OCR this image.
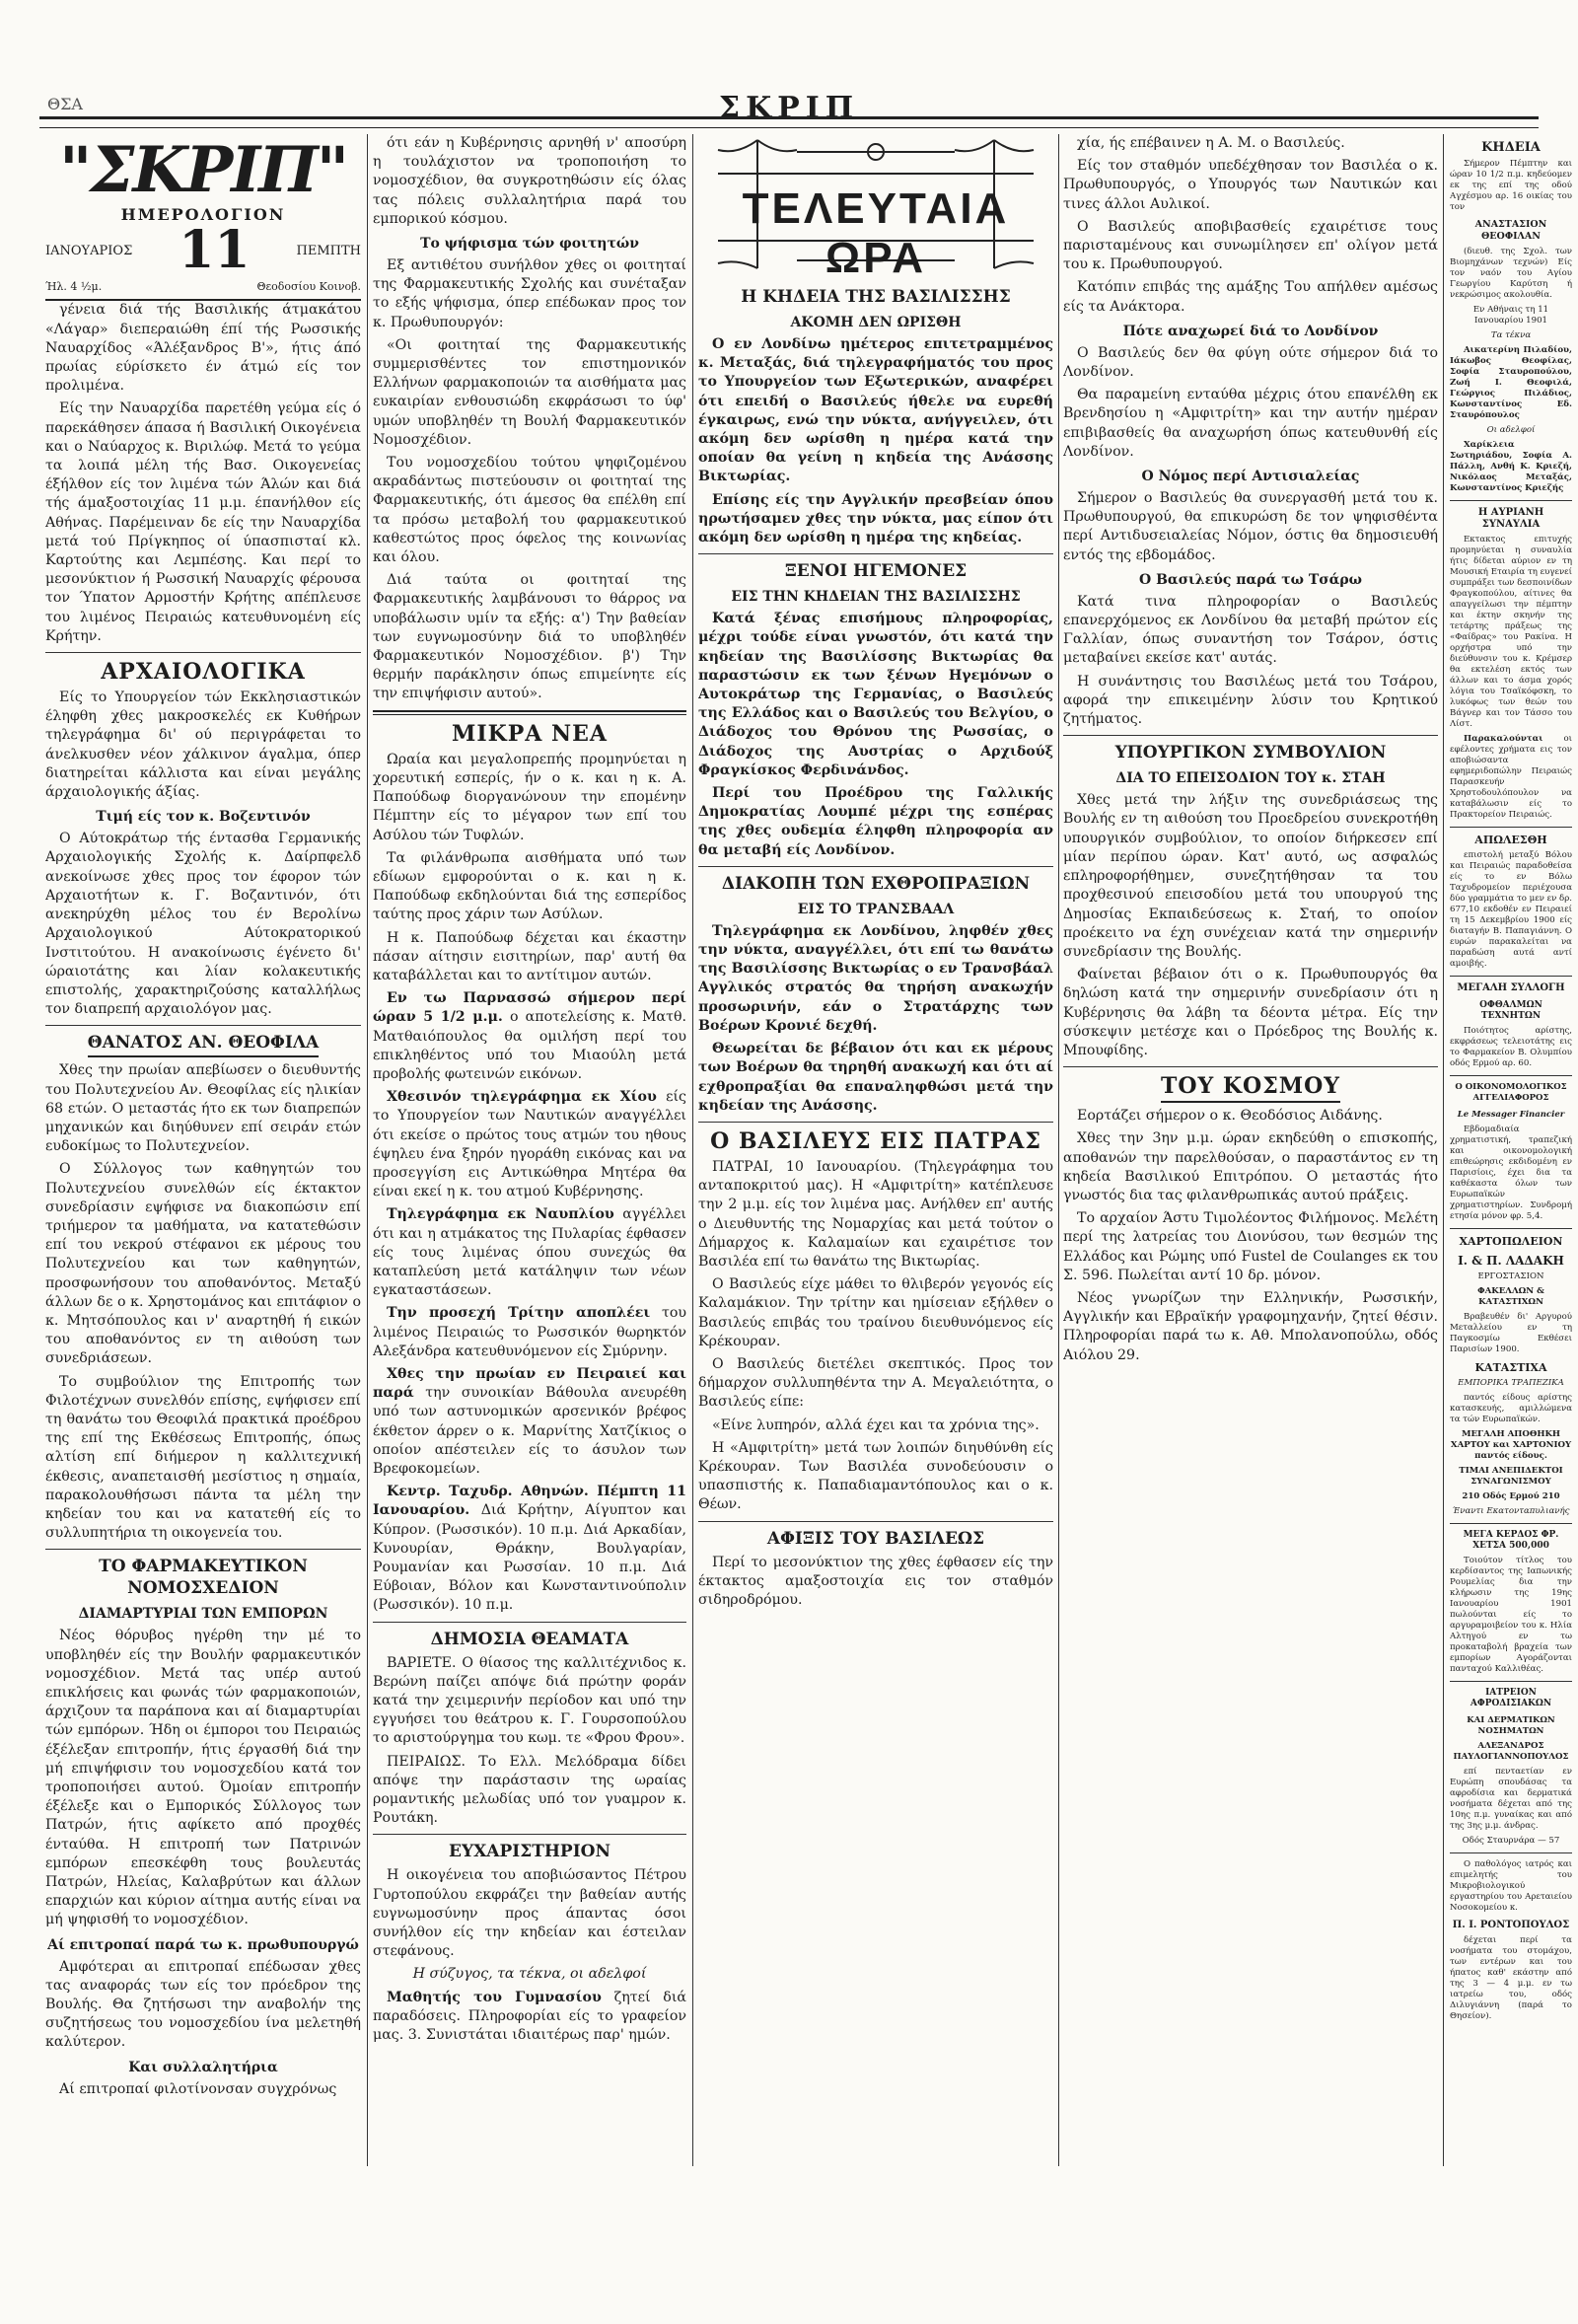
ΘΣΑ	ΣΚΡΙΠ
"ΣΚΡΙΠ"
ΗΜΕΡΟΛΟΓΙΟΝ
ΙΑΝΟΥΑΡΙΟΣ 11	ΠΕΜΠΤΗ
Ήλ. 4 ½μ.	Θεοδοσίου Κοινοβ.

γένεια διά τής Βασιλικής άτμακάτου «Λάγαρ» διεπεραιώθη έπί τής Ρωσσικής Ναυαρχίδος «Άλέξανδρος Β'», ήτις άπό πρωίας εύρίσκετο έν άτμώ είς τον προλιμένα.

Είς την Ναυαρχίδα παρετέθη γεύμα είς ό παρεκάθησεν άπασα ή Βασιλική Οικογένεια και ο Ναύαρχος κ. Βιριλώφ. Μετά το γεύμα τα λοιπά μέλη τής Βασ. Οικογενείας έξήλθον είς τον λιμένα τών Άλών και διά τής άμαξοστοιχίας 11 μ.μ. έπανήλθον είς Αθήνας. Παρέμειναν δε είς την Ναυαρχίδα μετά τού Πρίγκηπος οί ύπασπισταί κλ. Καρτούτης και Λεμπέσης. Και περί το μεσονύκτιον ή Ρωσσική Ναυαρχίς φέρουσα τον Ύπατον Αρμοστήν Κρήτης απέπλευσε του λιμένος Πειραιώς κατευθυνομένη είς Κρήτην.

ΑΡΧΑΙΟΛΟΓΙΚΑ

Είς το Υπουργείον τών Εκκλησιαστικών έληφθη χθες μακροσκελές εκ Κυθήρων τηλεγράφημα δι' ού περιγράφεται το άνελκυσθεν νέον χάλκινον άγαλμα, όπερ διατηρείται κάλλιστα και είναι μεγάλης άρχαιολογικής άξίας.

Τιμή είς τον κ. Βοζεντινόν

Ο Αύτοκράτωρ τής έντασθα Γερμανικής Αρχαιολογικής Σχολής κ. Δαίρπφελδ ανεκοίνωσε χθες προς τον έφορον τών Αρχαιοτήτων κ. Γ. Βοζαντινόν, ότι ανεκηρύχθη μέλος του έν Βερολίνω Αρχαιολογικού Αύτοκρατορικού Ινστιτούτου. Η ανακοίνωσις έγένετο δι' ώραιοτάτης και λίαν κολακευτικής επιστολής, χαρακτηριζούσης καταλλήλως τον διαπρεπή αρχαιολόγον μας.

ΘΑΝΑΤΟΣ ΑΝ. ΘΕΟΦΙΛΑ

Χθες την πρωίαν απεβίωσεν ο διευθυντής του Πολυτεχνείου Αν. Θεοφίλας είς ηλικίαν 68 ετών. Ο μεταστάς ήτο εκ των διαπρεπών μηχανικών και διηύθυνεν επί σειράν ετών ευδοκίμως το Πολυτεχνείον.

Ο Σύλλογος των καθηγητών του Πολυτεχνείου συνελθών είς έκτακτον συνεδρίασιν εψήφισε να διακοπώσιν επί τριήμερον τα μαθήματα, να κατατεθώσιν επί του νεκρού στέφανοι εκ μέρους του Πολυτεχνείου και των καθηγητών, προσφωνήσουν του αποθανόντος. Μεταξύ άλλων δε ο κ. Χρηστομάνος και επιτάφιον ο κ. Μητσόπουλος και ν' αναρτηθή ή εικών του αποθανόντος εν τη αιθούση των συνεδριάσεων.

Το συμβούλιον της Επιτροπής των Φιλοτέχνων συνελθόν επίσης, εψήφισεν επί τη θανάτω του Θεοφιλά πρακτικά προέδρου της επί της Εκθέσεως Επιτροπής, όπως αλτίση επί διήμερον η καλλιτεχνική έκθεσις, αναπεταισθή μεσίστιος η σημαία, παρακολουθήσωσι πάντα τα μέλη την κηδείαν του και να κατατεθή είς το συλλυπητήρια τη οικογενεία του.

ΤΟ ΦΑΡΜΑΚΕΥΤΙΚΟΝ ΝΟΜΟΣΧΕΔΙΟΝ
ΔΙΑΜΑΡΤΥΡΙΑΙ ΤΩΝ ΕΜΠΟΡΩΝ

Νέος θόρυβος ηγέρθη την μέ το υποβληθέν είς την Βουλήν φαρμακευτικόν νομοσχέδιον. Μετά τας υπέρ αυτού επικλήσεις και φωνάς τών φαρμακοποιών, άρχιζουν τα παράπονα και αί διαμαρτυρίαι τών εμπόρων. Ήδη οι έμποροι του Πειραιώς έξέλεξαν επιτροπήν, ήτις έργασθή διά την μή επιψήφισιν του νομοσχεδίου κατά τον τροποποιήσει αυτού. Όμοίαν επιτροπήν έξέλεξε και ο Εμπορικός Σύλλογος των Πατρών, ήτις αφίκετο από προχθές ένταύθα. Η επιτροπή των Πατρινών εμπόρων επεσκέφθη τους βουλευτάς Πατρών, Ηλείας, Καλαβρύτων και άλλων επαρχιών και κύριον αίτημα αυτής είναι να μή ψηφισθή το νομοσχέδιον.

Αί επιτροπαί παρά τω κ. πρωθυπουργώ

Αμφότεραι αι επιτροπαί επέδωσαν χθες τας αναφοράς των είς τον πρόεδρον της Βουλής. Θα ζητήσωσι την αναβολήν της συζητήσεως του νομοσχεδίου ίνα μελετηθή καλύτερον.

Και συλλαλητήρια

Αί επιτροπαί φιλοτίνονσαν συγχρόνως

ότι εάν η Κυβέρνησις αρνηθή ν' αποσύρη η τουλάχιστον να τροποποιήση το νομοσχέδιον, θα συγκροτηθώσιν είς όλας τας πόλεις συλλαλητήρια παρά του εμπορικού κόσμου.

Το ψήφισμα τών φοιτητών

Εξ αντιθέτου συνήλθον χθες οι φοιτηταί της Φαρμακευτικής Σχολής και συνέταξαν το εξής ψήφισμα, όπερ επέδωκαν προς τον κ. Πρωθυπουργόν:

«Οι φοιτηταί της Φαρμακευτικής συμμερισθέντες τον επιστημονικόν Ελλήνων φαρμακοποιών τα αισθήματα μας ευκαιρίαν ενθουσιώδη εκφράσωσι το ύφ' υμών υποβληθέν τη Βουλή Φαρμακευτικόν Νομοσχέδιον.

Του νομοσχεδίου τούτου ψηφιζομένου ακραδάντως πιστεύουσιν οι φοιτηταί της Φαρμακευτικής, ότι άμεσος θα επέλθη επί τα πρόσω μεταβολή του φαρμακευτικού καθεστώτος προς όφελος της κοινωνίας και όλου.

Διά ταύτα οι φοιτηταί της Φαρμακευτικής λαμβάνουσι το θάρρος να υποβάλωσιν υμίν τα εξής: α') Την βαθείαν των ευγνωμοσύνην διά το υποβληθέν Φαρμακευτικόν Νομοσχέδιον. β') Την θερμήν παράκλησιν όπως επιμείνητε είς την επιψήφισιν αυτού».

ΜΙΚΡΑ ΝΕΑ

Ωραία και μεγαλοπρεπής προμηνύεται η χορευτική εσπερίς, ήν ο κ. και η κ. Α. Παπούδωφ διοργανώνουν την επομένην Πέμπτην είς το μέγαρον των επί του Ασύλου τών Τυφλών.

Τα φιλάνθρωπα αισθήματα υπό των εδίωων εμφορούνται ο κ. και η κ. Παπούδωφ εκδηλούνται διά της εσπερίδος ταύτης προς χάριν των Ασύλων.

Η κ. Παπούδωφ δέχεται και έκαστην πάσαν αίτησιν εισιτηρίων, παρ' αυτή θα καταβάλλεται και το αντίτιμον αυτών.

Εν τω Παρνασσώ σήμερον περί ώραν 5 1/2 μ.μ. ο αποτελείσης κ. Ματθ. Ματθαιόπουλος θα ομιλήση περί του επικληθέντος υπό του Μιαούλη μετά προβολής φωτεινών εικόνων.

Χθεσινόν τηλεγράφημα εκ Χίου είς το Υπουργείον των Ναυτικών αναγγέλλει ότι εκείσε ο πρώτος τους ατμών του ηθους έψηλευ ένα ξηρόν ηγοράθη εικόνας και να προσεγγίση εις Αντικώθηρα Μητέρα θα είναι εκεί η κ. του ατμού Κυβέρνησης.

Τηλεγράφημα εκ Ναυπλίου αγγέλλει ότι και η ατμάκατος της Πυλαρίας έφθασεν είς τους λιμένας όπου συνεχώς θα καταπλεύση μετά κατάληψιν των νέων εγκαταστάσεων.

Την προσεχή Τρίτην απoπλέει του λιμένος Πειραιώς το Ρωσσικόν θωρηκτόν Αλεξάνδρα κατευθυνόμενον είς Σμύρνην.

Χθες την πρωίαν εν Πειραιεί και παρά την συνοικίαν Βάθουλα ανευρέθη υπό των αστυνομικών αρσενικόν βρέφος έκθετον άρρεν ο κ. Μαρνίτης Χατζίκιος ο οποίον απέστειλεν είς το άσυλον των Βρεφοκομείων.

Κεντρ. Ταχυδρ. Αθηνών. Πέμπτη 11 Ιανουαρίου. Διά Κρήτην, Αίγυπτον και Κύπρον. (Ρωσσικόν). 10 π.μ. Διά Αρκαδίαν, Κυνουρίαν, Θράκην, Βουλγαρίαν, Ρουμανίαν και Ρωσσίαν. 10 π.μ. Διά Εύβοιαν, Βόλον και Κωνσταντινούπολιν (Ρωσσικόν). 10 π.μ.

ΔΗΜΟΣΙΑ ΘΕΑΜΑΤΑ

ΒΑΡΙΕΤΕ. Ο θίασος της καλλιτέχνιδος κ. Βερώνη παίζει απόψε διά πρώτην φοράν κατά την χειμερινήν περίοδον και υπό την εγγυήσει του θεάτρου κ. Γ. Γουρσοπούλου το αριστούργημα του κωμ. τε «Φρου Φρου».

ΠΕΙΡΑΙΩΣ. Το Ελλ. Μελόδραμα δίδει απόψε την παράστασιν της ωραίας ρομαντικής μελωδίας υπό τον γυαμρον κ. Ρουτάκη.

ΕΥΧΑΡΙΣΤΗΡΙΟΝ

Η οικογένεια του αποβιώσαντος Πέτρου Γυρτοπούλου εκφράζει την βαθείαν αυτής ευγνωμοσύνην προς άπαντας όσοι συνήλθον είς την κηδείαν και έστειλαν στεφάνους.

Η σύζυγος, τα τέκνα, οι αδελφοί

Μαθητής του Γυμνασίου ζητεί διά παραδόσεις. Πληροφορίαι είς το γραφείον μας. 3. Συνιστάται ιδιαιτέρως παρ' ημών.

ΤΕΛΕΥΤΑΙΑ ΩΡΑ
Η ΚΗΔΕΙΑ ΤΗΣ ΒΑΣΙΛΙΣΣΗΣ
ΑΚΟΜΗ ΔΕΝ ΩΡΙΣΘΗ

Ο εν Λονδίνω ημέτερος επιτετραμμένος κ. Μεταξάς, διά τηλεγραφήματός του προς το Υπουργείον των Εξωτερικών, αναφέρει ότι επειδή ο Βασιλεύς ήθελε να ευρεθή έγκαιρως, ενώ την νύκτα, ανήγγειλεν, ότι ακόμη δεν ωρίσθη η ημέρα κατά την οποίαν θα γείνη η κηδεία της Ανάσσης Βικτωρίας.

Επίσης είς την Αγγλικήν πρεσβείαν όπου ηρωτήσαμεν χθες την νύκτα, μας είπον ότι ακόμη δεν ωρίσθη η ημέρα της κηδείας.

ΞΕΝΟΙ ΗΓΕΜΟΝΕΣ
ΕΙΣ ΤΗΝ ΚΗΔΕΙΑΝ ΤΗΣ ΒΑΣΙΛΙΣΣΗΣ

Κατά ξένας επισήμους πληροφορίας, μέχρι τούδε είναι γνωστόν, ότι κατά την κηδείαν της Βασιλίσσης Βικτωρίας θα παραστώσιν εκ των ξένων Ηγεμόνων ο Αυτοκράτωρ της Γερμανίας, ο Βασιλεύς της Ελλάδος και ο Βασιλεύς του Βελγίου, ο Διάδοχος του Θρόνου της Ρωσσίας, ο Διάδοχος της Αυστρίας ο Αρχιδούξ Φραγκίσκος Φερδινάνδος.

Περί του Προέδρου της Γαλλικής Δημοκρατίας Λουμπέ μέχρι της εσπέρας της χθες ουδεμία έληφθη πληροφορία αν θα μεταβή είς Λονδίνον.

ΔΙΑΚΟΠΗ ΤΩΝ ΕΧΘΡΟΠΡΑΞΙΩΝ
ΕΙΣ ΤΟ ΤΡΑΝΣΒΑΑΛ

Τηλεγράφημα εκ Λονδίνου, ληφθέν χθες την νύκτα, αναγγέλλει, ότι επί τω θανάτω της Βασιλίσσης Βικτωρίας ο εν Τρανσβάαλ Αγγλικός στρατός θα τηρήση ανακωχήν προσωρινήν, εάν ο Στρατάρχης των Βοέρων Κρονιέ δεχθή.

Θεωρείται δε βέβαιον ότι και εκ μέρους των Βοέρων θα τηρηθή ανακωχή και ότι αί εχθροπραξίαι θα επαναληφθώσι μετά την κηδείαν της Ανάσσης.

Ο ΒΑΣΙΛΕΥΣ ΕΙΣ ΠΑΤΡΑΣ

ΠΑΤΡΑΙ, 10 Ιανουαρίου. (Τηλεγράφημα του ανταποκριτού μας). Η «Αμφιτρίτη» κατέπλευσε την 2 μ.μ. είς τον λιμένα μας. Ανήλθεν επ' αυτής ο Διευθυντής της Νομαρχίας και μετά τούτον ο Δήμαρχος κ. Καλαμαίων και εχαιρέτισε τον Βασιλέα επί τω θανάτω της Βικτωρίας.

Ο Βασιλεύς είχε μάθει το θλιβερόν γεγονός είς Καλαμάκιον. Την τρίτην και ημίσειαν εξήλθεν ο Βασιλεύς επιβάς του τραίνου διευθυνόμενος είς Κρέκουραν.

Ο Βασιλεύς διετέλει σκεπτικός. Προς τον δήμαρχον συλλυπηθέντα την Α. Μεγαλειότητα, ο Βασιλεύς είπε:

«Είνε λυπηρόν, αλλά έχει και τα χρόνια της».

Η «Αμφιτρίτη» μετά των λοιπών διηυθύνθη είς Κρέκουραν. Των Βασιλέα συνοδεύουσιν ο υπασπιστής κ. Παπαδιαμαντόπουλος και ο κ. Θέων.

ΑΦΙΞΙΣ ΤΟΥ ΒΑΣΙΛΕΩΣ

Περί το μεσονύκτιον της χθες έφθασεν είς την έκτακτος αμαξοστοιχία εις τον σταθμόν σιδηροδρόμου.

χία, ής επέβαινεν η Α. Μ. ο Βασιλεύς.

Είς τον σταθμόν υπεδέχθησαν τον Βασιλέα ο κ. Πρωθυπουργός, ο Υπουργός των Ναυτικών και τινες άλλοι Αυλικοί.

Ο Βασιλεύς αποβιβασθείς εχαιρέτισε τους παρισταμένους και συνωμίλησεν επ' ολίγον μετά του κ. Πρωθυπουργού.

Κατόπιν επιβάς της αμάξης Του απήλθεν αμέσως είς τα Ανάκτορα.

Πότε αναχωρεί διά το Λονδίνον

Ο Βασιλεύς δεν θα φύγη ούτε σήμερον διά το Λονδίνον.

Θα παραμείνη ενταύθα μέχρις ότου επανέλθη εκ Βρενδησίου η «Αμφιτρίτη» και την αυτήν ημέραν επιβιβασθείς θα αναχωρήση όπως κατευθυνθή είς Λονδίνον.

Ο Νόμος περί Αντισιαλείας

Σήμερον ο Βασιλεύς θα συνεργασθή μετά του κ. Πρωθυπουργού, θα επικυρώση δε τον ψηφισθέντα περί Αντιδυσειαλείας Νόμον, όστις θα δημοσιευθή εντός της εβδομάδος.

Ο Βασιλεύς παρά τω Τσάρω

Κατά τινα πληροφορίαν ο Βασιλεύς επανερχόμενος εκ Λονδίνου θα μεταβή πρώτον είς Γαλλίαν, όπως συναντήση τον Τσάρον, όστις μεταβαίνει εκείσε κατ' αυτάς.

Η συνάντησις του Βασιλέως μετά του Τσάρου, αφορά την επικειμένην λύσιν του Κρητικού ζητήματος.

ΥΠΟΥΡΓΙΚΟΝ ΣΥΜΒΟΥΛΙΟΝ
ΔΙΑ ΤΟ ΕΠΕΙΣΟΔΙΟΝ ΤΟΥ κ. ΣΤΑΗ

Χθες μετά την λήξιν της συνεδριάσεως της Βουλής εν τη αιθούση του Προεδρείου συνεκροτήθη υπουργικόν συμβούλιον, το οποίον διήρκεσεν επί μίαν περίπου ώραν. Κατ' αυτό, ως ασφαλώς επληροφορήθημεν, συνεζητήθησαν τα του προχθεσινού επεισοδίου μετά του υπουργού της Δημοσίας Εκπαιδεύσεως κ. Σταή, το οποίον προέκειτο να έχη συνέχειαν κατά την σημερινήν συνεδρίασιν της Βουλής.

Φαίνεται βέβαιον ότι ο κ. Πρωθυπουργός θα δηλώση κατά την σημερινήν συνεδρίασιν ότι η Κυβέρνησις θα λάβη τα δέοντα μέτρα. Είς την σύσκεψιν μετέσχε και ο Πρόεδρος της Βουλής κ. Μπουφίδης.

ΤΟΥ ΚΟΣΜΟΥ

Εορτάζει σήμερον ο κ. Θεοδόσιος Αιδάνης.

Χθες την 3ην μ.μ. ώραν εκηδεύθη ο επισκοπής, αποθανών την παρελθούσαν, ο παραστάντος εν τη κηδεία Βασιλικού Επιτρόπου. Ο μεταστάς ήτο γνωστός δια τας φιλανθρωπικάς αυτού πράξεις.

Το αρχαίον Άστυ Τιμολέοντος Φιλήμονος. Μελέτη περί της λατρείας του Διονύσου, των θεσμών της Ελλάδος και Ρώμης υπό Fustel de Coulanges εκ του Σ. 596. Πωλείται αντί 10 δρ. μόνον.

Νέος γνωρίζων την Ελληνικήν, Ρωσσικήν, Αγγλικήν και Εβραϊκήν γραφομηχανήν, ζητεί θέσιν. Πληροφορίαι παρά τω κ. Αθ. Μπολανοπούλω, οδός Αιόλου 29.

ΚΗΔΕΙΑ

Σήμερον Πέμπτην και ώραν 10 1/2 π.μ. κηδεύομεν εκ της επί της οδού Αγχέσμου αρ. 16 οικίας του τον

ΑΝΑΣΤΑΣΙΟΝ ΘΕΟΦΙΛΑΝ

(διευθ. της Σχολ. των Βιομηχάνων τεχνών) Είς τον ναόν του Αγίου Γεωργίου Καρύτση ή νεκρώσιμος ακολουθία.

Εν Αθήναις τη 11 Ιανουαρίου 1901

Τα τέκνα

Αικατερίνη Πιλαδίου, Ιάκωβος Θεοφίλας, Σοφία Σταυροπούλου, Ζωή Ι. Θεοφιλά, Γεώργιος Πιλάδιος, Κωνσταντίνος Εδ. Σταυρόπουλος

Οι αδελφοί

Χαρίκλεια Σωτηριάδου, Σοφία Α. Πάλλη, Ανθή Κ. Κριεζή, Νικόλαος Μεταξάς, Κωνσταντίνος Κριεζής

Η ΑΥΡΙΑΝΗ ΣΥΝΑΥΛΙΑ

Εκτακτος επιτυχής προμηνύεται η συναυλία ήτις δίδεται αύριον εν τη Μουσική Εταιρία τη ευγενεί συμπράξει των δεσποινίδων Φραγκοπούλου, αίτινες θα απαγγείλωσι την πέμπτην και έκτην σκηνήν της τετάρτης πράξεως της «Φαίδρας» του Ρακίνα. Η ορχήστρα υπό την διεύθυνσιν του κ. Κρέμσερ θα εκτελέση εκτός των άλλων και το άσμα χορός λόγια του Τσαϊκόφσκη, το λυκόφως των θεών του Βάγνερ και τον Τάσσο του Λίστ.

Παρακαλούνται οι εφέλοντες χρήματα εις τον αποβιώσαντα εφημεριδοπώλην Πειραιώς Παρασκευήν Χρηστοδουλόπουλον να καταβάλωσιν είς το Πρακτορείον Πειραιώς.

ΑΠΩΛΕΣΘΗ

επιστολή μεταξύ Βόλου και Πειραιώς παραδοθείσα είς το εν Βόλω Ταχυδρομείον περιέχουσα δύο γραμμάτια το μεν εν δρ. 677,10 εκδοθέν εν Πειραιεί τη 15 Δεκεμβρίου 1900 είς διαταγήν Β. Παπαγιάννη. Ο ευρών παρακαλείται να παραδώση αυτά αντί αμοιβής.

ΜΕΓΑΛΗ ΣΥΛΛΟΓΗ
ΟΦΘΑΛΜΩΝ ΤΕΧΝΗΤΩΝ

Ποιότητος αρίστης, εκφράσεως τελειοτάτης εις το Φαρμακείον Β. Ολυμπίου οδός Ερμού αρ. 60.

Ο ΟΙΚΟΝΟΜΟΛΟΓΙΚΟΣ ΑΓΓΕΛΙΑΦΟΡΟΣ
Le Messager Financier

Εβδομαδιαία χρηματιστική, τραπεζική και οικονομολογική επιθεώρησις εκδιδομένη εν Παρισίοις, έχει δια τα καθέκαστα όλων των Ευρωπαϊκών χρηματιστηρίων. Συνδρομή ετησία μόνον φρ. 5,4.

ΧΑΡΤΟΠΩΛΕΙΟΝ
Ι. & Π. ΛΑΔΑΚΗ

ΕΡΓΟΣΤΑΣΙΟΝ

ΦΑΚΕΛΛΩΝ & ΚΑΤΑΣΤΙΧΩΝ

Βραβευθέν δι' Αργυρού Μεταλλείου εν τη Παγκοσμίω Εκθέσει Παρισίων 1900.

ΚΑΤΑΣΤΙΧΑ

ΕΜΠΟΡΙΚΑ ΤΡΑΠΕΖΙΚΑ

παντός είδους αρίστης κατασκευής, αμιλλώμενα τα τών Ευρωπαϊκών.

ΜΕΓΑΛΗ ΑΠΟΘΗΚΗ ΧΑΡΤΟΥ και ΧΑΡΤΟΝΙΟΥ παντός είδους.

ΤΙΜΑΙ ΑΝΕΠΙΔΕΚΤΟΙ ΣΥΝΑΓΩΝΙΣΜΟΥ

210 Οδός Ερμού 210

Έναντι Εκατονταπυλιανής

ΜΕΓΑ ΚΕΡΔΟΣ ΦΡ. ΧΕΤΣΑ 500,000

Τοιούτον τίτλος του κερδίσαντος της Ιαπωνικής Ρουμελίας δια την κλήρωσιν της 19ης Ιανουαρίου 1901 πωλούνται είς το αργυραμοιβείον του κ. Ηλία Αλτηγού εν τω προκαταβολή βραχεία των εμπορίων Αγοράζονται πανταχού Καλλιθέας.

ΙΑΤΡΕΙΟΝ ΑΦΡΟΔΙΣΙΑΚΩΝ
ΚΑΙ ΔΕΡΜΑΤΙΚΩΝ ΝΟΣΗΜΑΤΩΝ

ΑΛΕΞΑΝΔΡΟΣ ΠΑΥΛΟΓΙΑΝΝΟΠΟΥΛΟΣ

επί πενταετίαν εν Ευρώπη σπουδάσας τα αφροδίσια και δερματικά νοσήματα δέχεται από της 10ης π.μ. γυναίκας και από της 3ης μ.μ. άνδρας.

Οδός Σταυρνάρα — 57

Ο παθολόγος ιατρός και επιμελητής του Μικροβιολογικού εργαστηρίου του Αρεταιείου Νοσοκομείου κ.

Π. Ι. ΡΟΝΤΟΠΟΥΛΟΣ

δέχεται περί τα νοσήματα του στομάχου, των εντέρων και του ήπατος καθ' εκάστην από της 3 — 4 μ.μ. εν τω ιατρείω του, οδός Διλυγιάννη (παρά το Θησείον).
